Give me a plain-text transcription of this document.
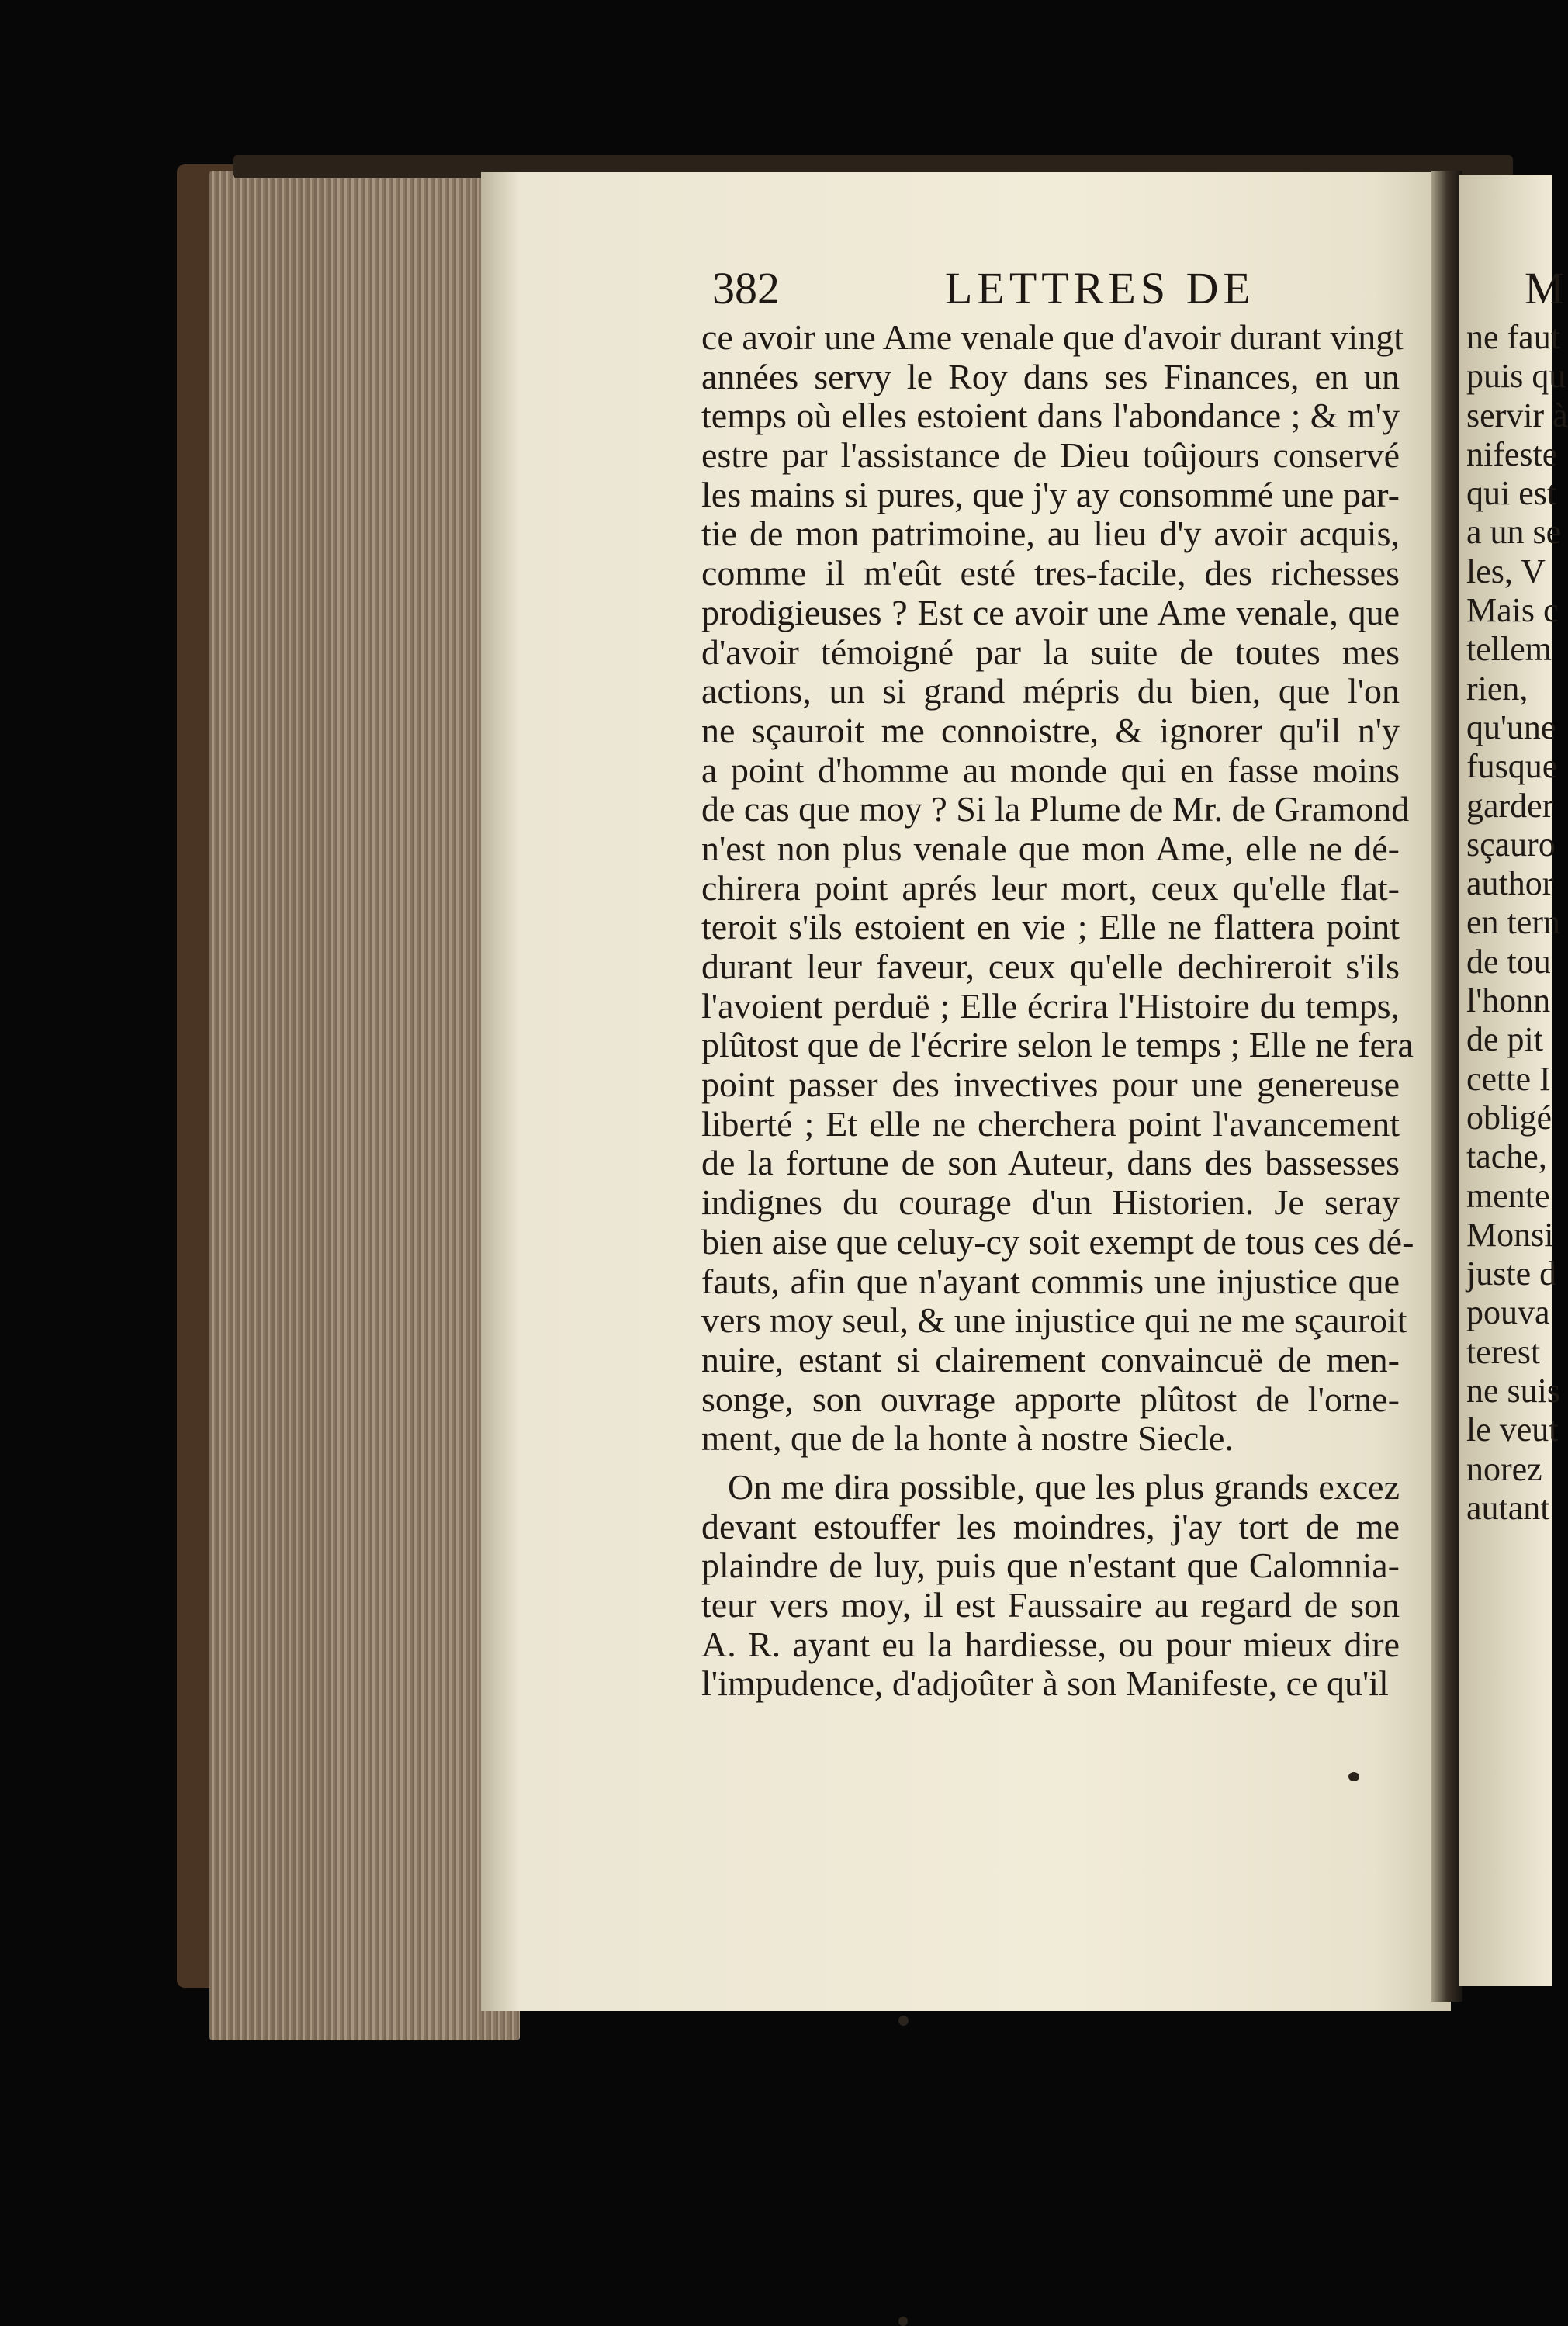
382	LETTRES DE
ce avoir une Ame venale que d'avoir durant vingt
années servy le Roy dans ses Finances, en un
temps où elles estoient dans l'abondance ; & m'y
estre par l'assistance de Dieu toûjours conservé
les mains si pures, que j'y ay consommé une par-
tie de mon patrimoine, au lieu d'y avoir acquis,
comme il m'eût esté tres-facile, des richesses
prodigieuses ? Est ce avoir une Ame venale, que
d'avoir témoigné par la suite de toutes mes
actions, un si grand mépris du bien, que l'on
ne sçauroit me connoistre, & ignorer qu'il n'y
a point d'homme au monde qui en fasse moins
de cas que moy ? Si la Plume de Mr. de Gramond
n'est non plus venale que mon Ame, elle ne dé-
chirera point aprés leur mort, ceux qu'elle flat-
teroit s'ils estoient en vie ; Elle ne flattera point
durant leur faveur, ceux qu'elle dechireroit s'ils
l'avoient perduë ; Elle écrira l'Histoire du temps,
plûtost que de l'écrire selon le temps ; Elle ne fera
point passer des invectives pour une genereuse
liberté ; Et elle ne cherchera point l'avancement
de la fortune de son Auteur, dans des bassesses
indignes du courage d'un Historien. Je seray
bien aise que celuy-cy soit exempt de tous ces dé-
fauts, afin que n'ayant commis une injustice que
vers moy seul, & une injustice qui ne me sçauroit
nuire, estant si clairement convaincuë de men-
songe, son ouvrage apporte plûtost de l'orne-
ment, que de la honte à nostre Siecle.
On me dira possible, que les plus grands excez
devant estouffer les moindres, j'ay tort de me
plaindre de luy, puis que n'estant que Calomnia-
teur vers moy, il est Faussaire au regard de son
A. R. ayant eu la hardiesse, ou pour mieux dire
l'impudence, d'adjoûter à son Manifeste, ce qu'il
M
ne faut
puis qu
servir à
nifeste
qui est
a un se
les, V
Mais c
tellem
rien,
qu'une
fusque
garder
sçauro
author
en tern
de tou
l'honn
de pit
cette I
obligé
tache,
mente
Monsi
juste d
pouva
terest
ne suis
le veut
norez
autant
